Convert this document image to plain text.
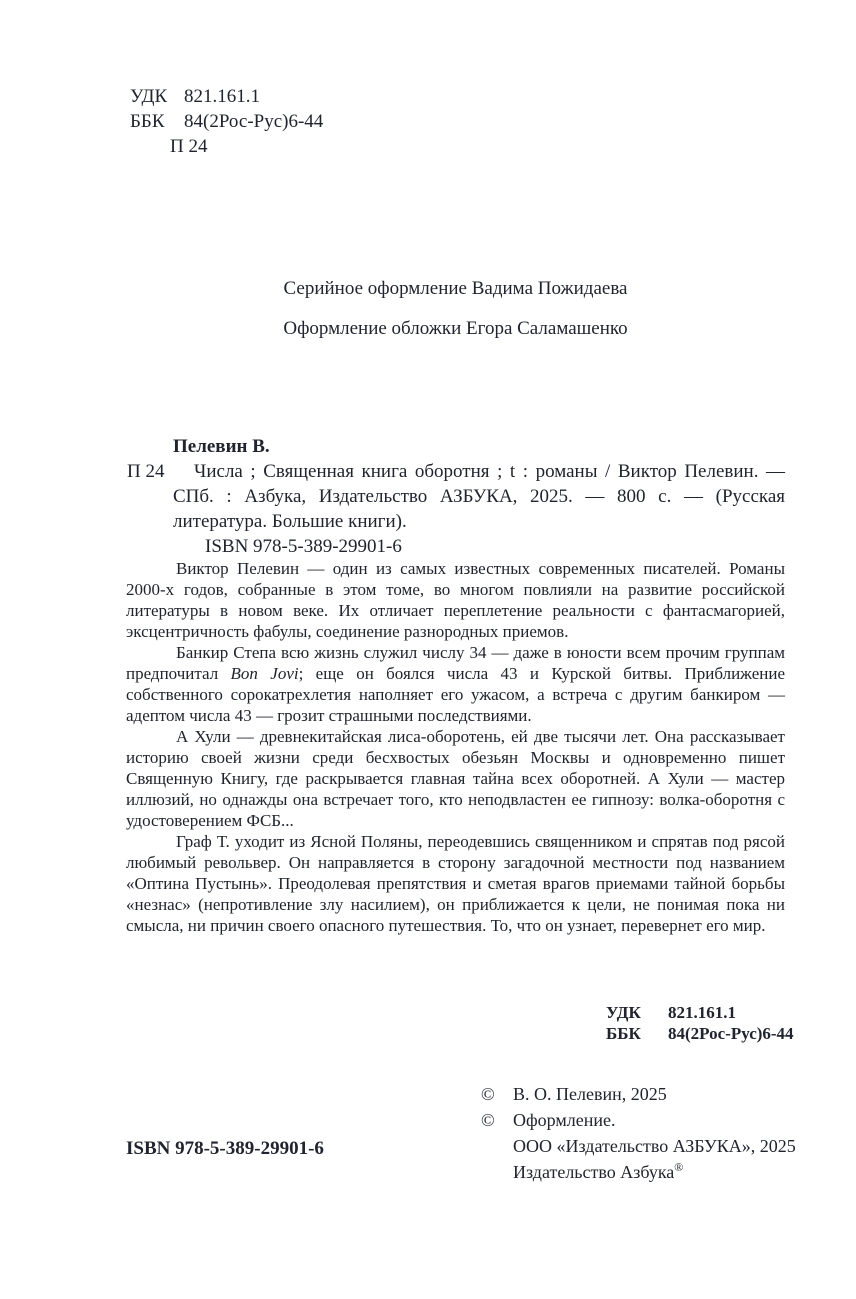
УДК 821.161.1
ББК 84(2Рос-Рус)6-44
П 24
Серийное оформление Вадима Пожидаева
Оформление обложки Егора Саламашенко
Пелевин В.
П 24	Числа ; Священная книга оборотня ; t : романы / Виктор Пелевин. — СПб. : Азбука, Издательство АЗБУКА, 2025. — 800 с. — (Русская литература. Большие книги).

ISBN 978-5-389-29901-6

Виктор Пелевин — один из самых известных современных писателей. Романы 2000-х годов, собранные в этом томе, во многом повлияли на развитие российской литературы в новом веке. Их отличает переплетение реальности с фантасмагорией, эксцентричность фабулы, соединение разнородных приемов.

Банкир Степа всю жизнь служил числу 34 — даже в юности всем прочим группам предпочитал Bon Jovi; еще он боялся числа 43 и Курской битвы. Приближение собственного сорокатрехлетия наполняет его ужасом, а встреча с другим банкиром — адептом числа 43 — грозит страшными последствиями.

А Хули — древнекитайская лиса-оборотень, ей две тысячи лет. Она рассказывает историю своей жизни среди бесхвостых обезьян Москвы и одновременно пишет Священную Книгу, где раскрывается главная тайна всех оборотней. А Хули — мастер иллюзий, но однажды она встречает того, кто неподвластен ее гипнозу: волка-оборотня с удостоверением ФСБ...

Граф Т. уходит из Ясной Поляны, переодевшись священником и спрятав под рясой любимый револьвер. Он направляется в сторону загадочной местности под названием «Оптина Пустынь». Преодолевая препятствия и сметая врагов приемами тайной борьбы «незнас» (непротивление злу насилием), он приближается к цели, не понимая пока ни смысла, ни причин своего опасного путешествия. То, что он узнает, перевернет его мир.

УДК 821.161.1
ББК 84(2Рос-Рус)6-44
©	В. О. Пелевин, 2025
©	Оформление.
ООО «Издательство АЗБУКА», 2025
Издательство Азбука®
ISBN 978-5-389-29901-6
